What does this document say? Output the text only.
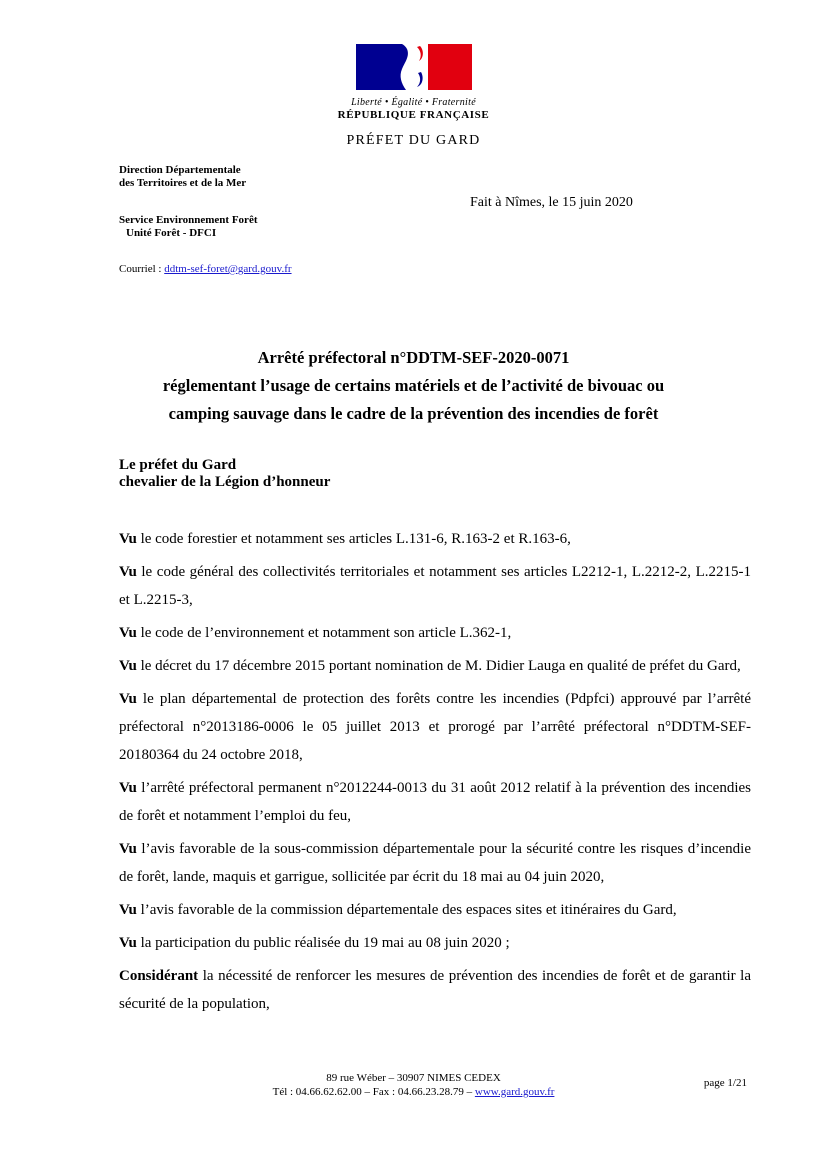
Liberté • Égalité • Fraternité
RÉPUBLIQUE FRANÇAISE
PRÉFET DU GARD
Direction Départementale
des Territoires et de la Mer
Fait à Nîmes, le 15 juin 2020
Service Environnement Forêt
Unité Forêt - DFCI
Courriel : ddtm-sef-foret@gard.gouv.fr
Arrêté préfectoral n°DDTM-SEF-2020-0071
réglementant l’usage de certains matériels et de l’activité de bivouac ou
camping sauvage dans le cadre de la prévention des incendies de forêt
Le préfet du Gard
chevalier de la Légion d’honneur

Vu le code forestier et notamment ses articles L.131-6, R.163-2 et R.163-6,

Vu le code général des collectivités territoriales et notamment ses articles L2212-1, L.2212-2, L.2215-1 et L.2215-3,

Vu le code de l’environnement et notamment son article L.362-1,

Vu le décret du 17 décembre 2015 portant nomination de M. Didier Lauga en qualité de préfet du Gard,

Vu le plan départemental de protection des forêts contre les incendies (Pdpfci) approuvé par l’arrêté préfectoral n°2013186-0006 le 05 juillet 2013 et prorogé par l’arrêté préfectoral n°DDTM-SEF-20180364 du 24 octobre 2018,

Vu l’arrêté préfectoral permanent n°2012244-0013 du 31 août 2012 relatif à la prévention des incendies de forêt et notamment l’emploi du feu,

Vu l’avis favorable de la sous-commission départementale pour la sécurité contre les risques d’incendie de forêt, lande, maquis et garrigue, sollicitée par écrit du 18 mai au 04 juin 2020,

Vu l’avis favorable de la commission départementale des espaces sites et itinéraires du Gard,

Vu la participation du public réalisée du 19 mai au 08 juin 2020 ;

Considérant la nécessité de renforcer les mesures de prévention des incendies de forêt et de garantir la sécurité de la population,

89 rue Wéber – 30907 NIMES CEDEX
Tél : 04.66.62.62.00 – Fax : 04.66.23.28.79 – www.gard.gouv.fr
page 1/21
